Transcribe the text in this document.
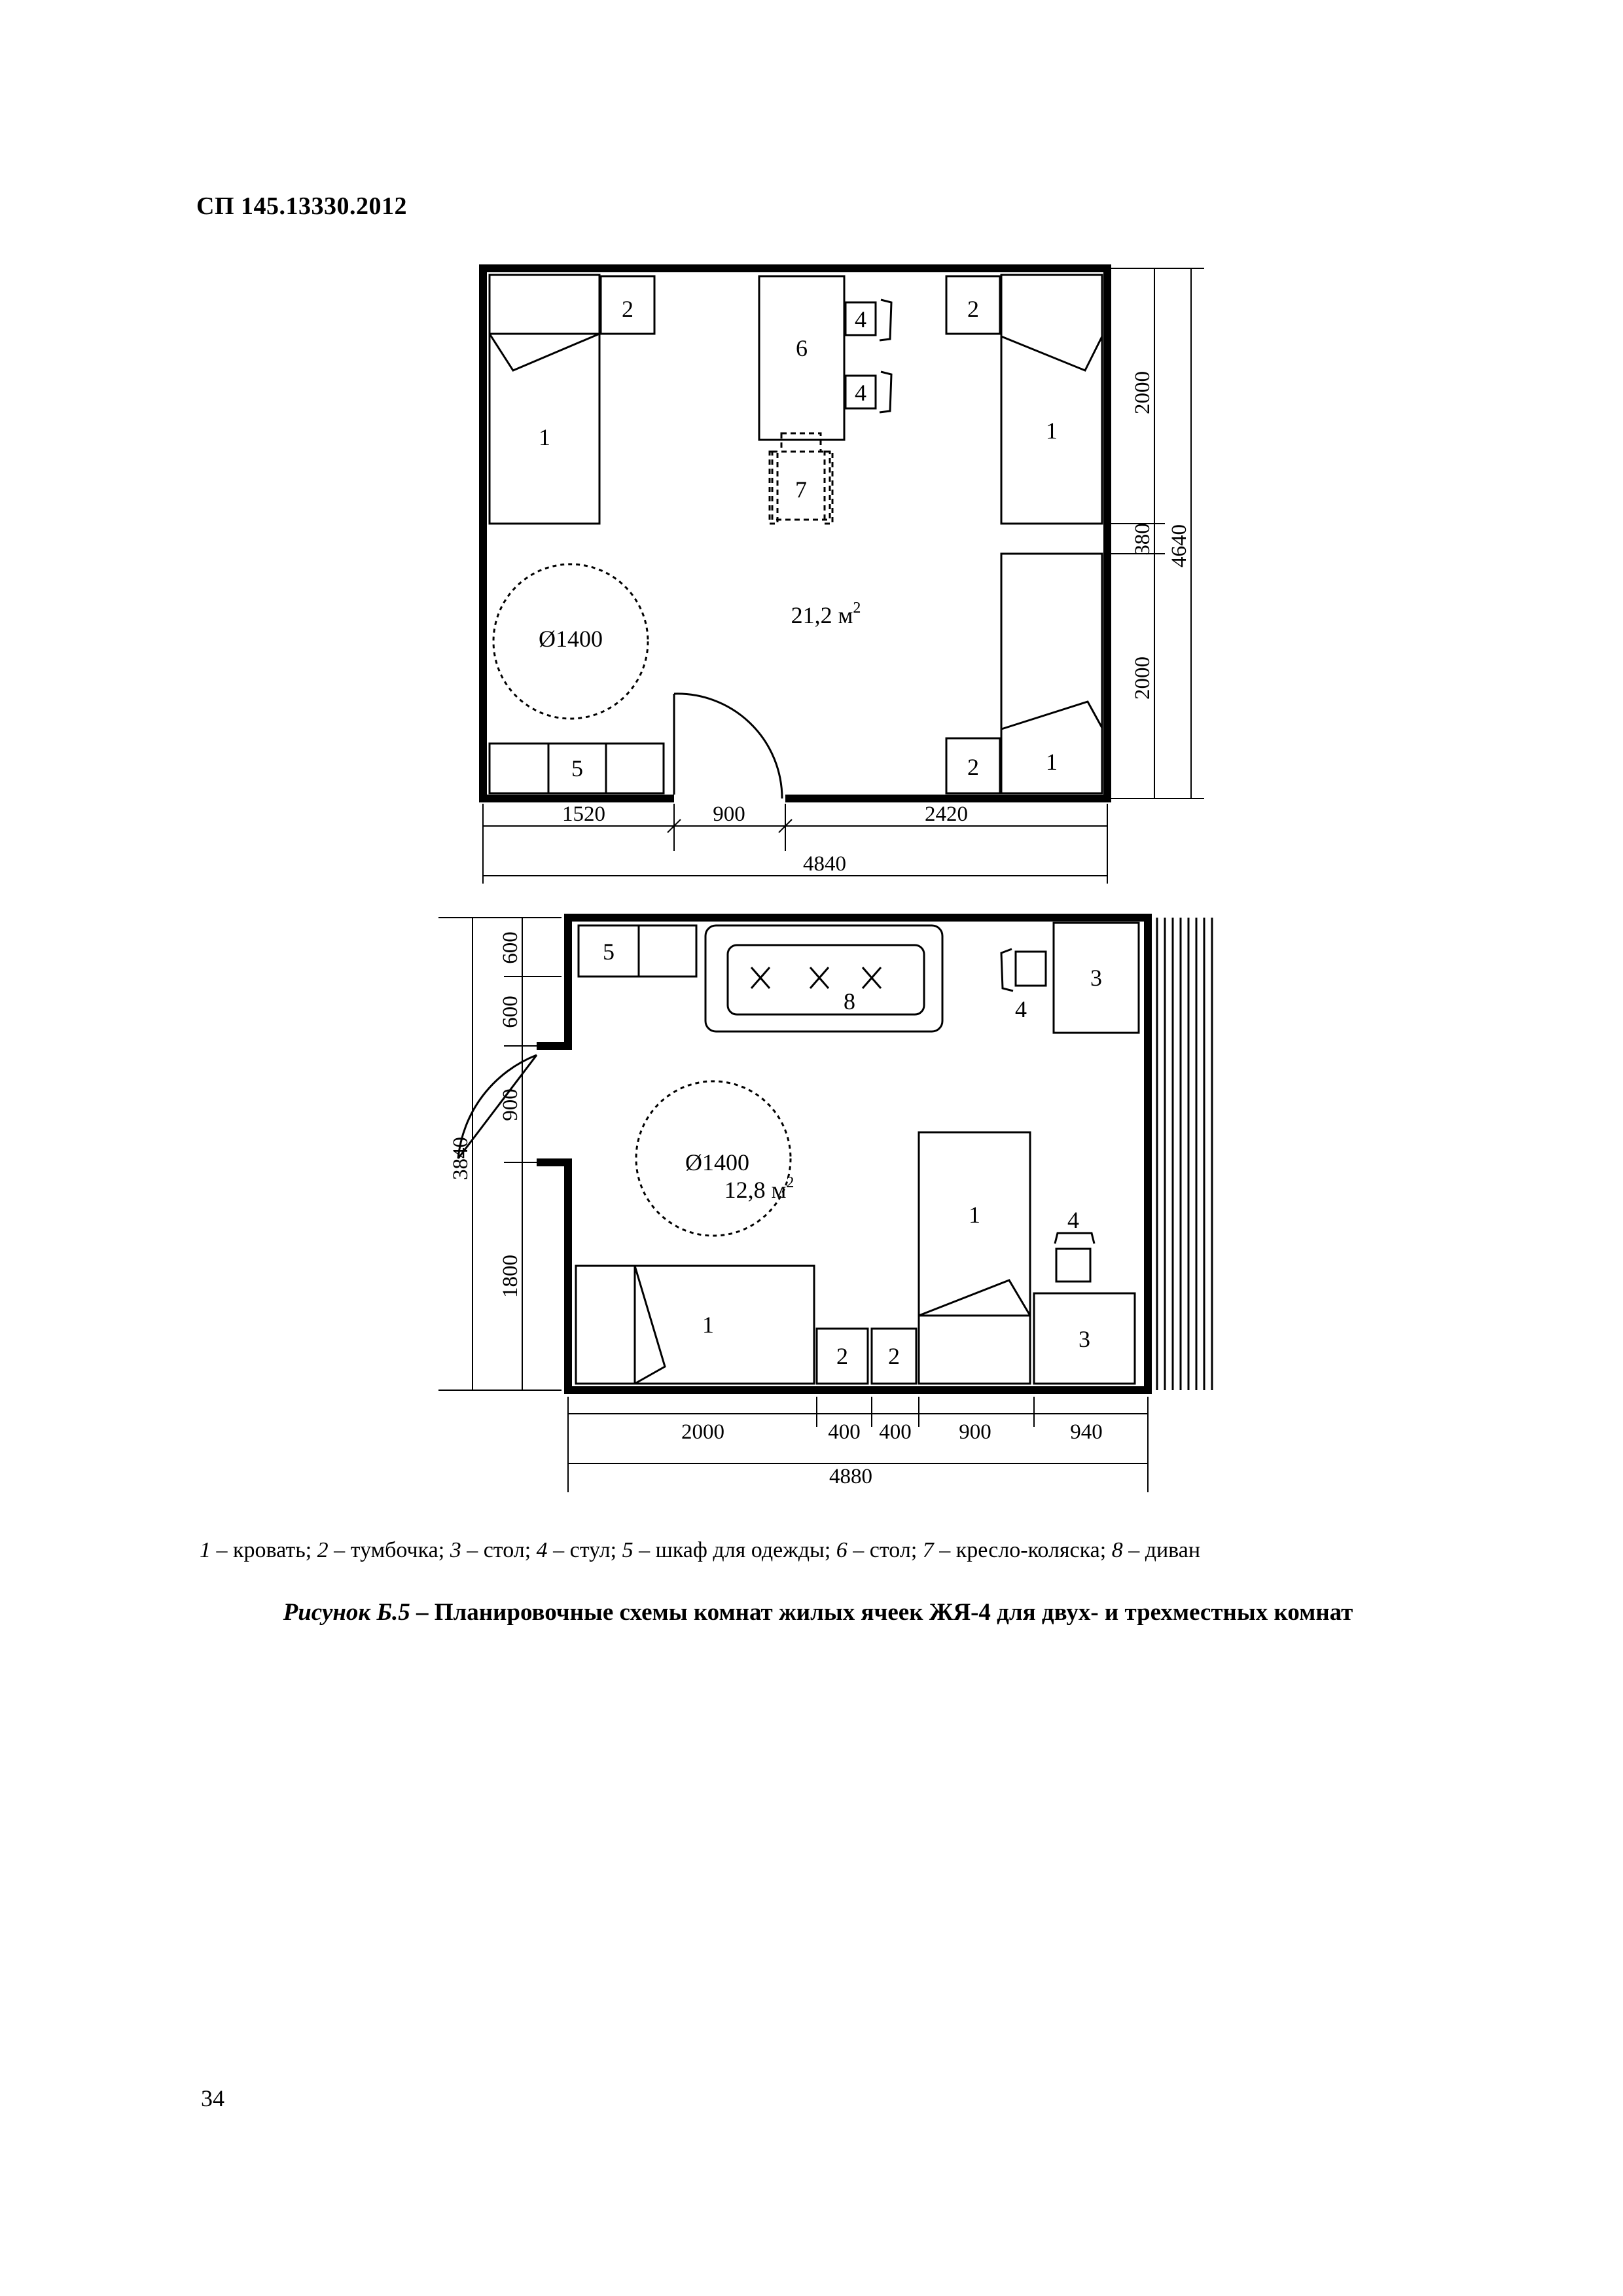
СП 145.13330.2012
2	2
6
4
4
1	1
7
21,2 $м^2$
Ø1400
5	2	1
1520	900	2420
4840
2000
380
2000
4640
5
8	4
3
Ø1400
12,8 $м^2$
1	4
1
2 2
3
600
600
900
1800
3840
2000	400 400 900	940
4880
1 – кровать; 2 – тумбочка; 3 – стол; 4 – стул; 5 – шкаф для одежды; 6 – стол; 7 – кресло-коляска; 8 – диван
Рисунок Б.5 – Планировочные схемы комнат жилых ячеек ЖЯ-4 для двух- и трехместных комнат
34
